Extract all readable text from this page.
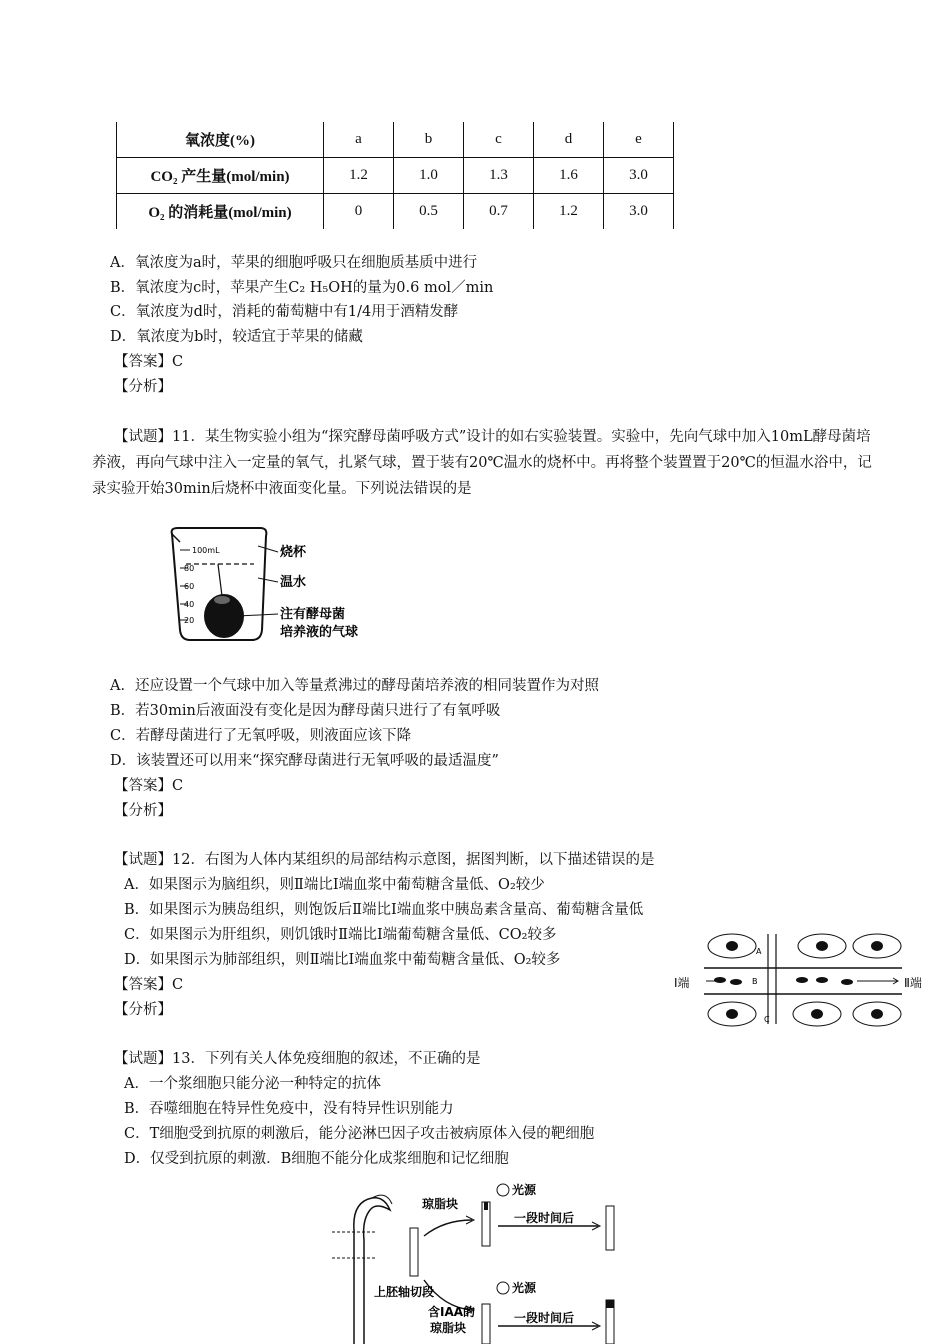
氧浓度(%)	a	b	c	d	e
CO₂ 产生量(mol/min)	1.2	1.0	1.3	1.6	3.0
O₂ 的消耗量(mol/min)	0	0.5	0.7	1.2	3.0
A．氧浓度为a时，苹果的细胞呼吸只在细胞质基质中进行
B．氧浓度为c时，苹果产生C₂ H₅OH的量为0.6 mol／min
C．氧浓度为d时，消耗的葡萄糖中有1/4用于酒精发酵
D．氧浓度为b时，较适宜于苹果的储藏
【答案】C
【分析】
【试题】11．某生物实验小组为“探究酵母菌呼吸方式”设计的如右实验装置。实验中，先向气球中加入10mL酵母菌培养液，再向气球中注入一定量的氧气，扎紧气球，置于装有20℃温水的烧杯中。再将整个装置置于20℃的恒温水浴中，记录实验开始30min后烧杯中液面变化量。下列说法错误的是
100mL
80
60
40
20
烧杯
温水
注有酵母菌
培养液的气球
A．还应设置一个气球中加入等量煮沸过的酵母菌培养液的相同装置作为对照
B．若30min后液面没有变化是因为酵母菌只进行了有氧呼吸
C．若酵母菌进行了无氧呼吸，则液面应该下降
D．该装置还可以用来“探究酵母菌进行无氧呼吸的最适温度”
【答案】C
【分析】
【试题】12．右图为人体内某组织的局部结构示意图，据图判断，以下描述错误的是
A．如果图示为脑组织，则Ⅱ端比Ⅰ端血浆中葡萄糖含量低、O₂较少
B．如果图示为胰岛组织，则饱饭后Ⅱ端比Ⅰ端血浆中胰岛素含量高、葡萄糖含量低
C．如果图示为肝组织，则饥饿时Ⅱ端比Ⅰ端葡萄糖含量低、CO₂较多
D．如果图示为肺部组织，则Ⅱ端比Ⅰ端血浆中葡萄糖含量低、O₂较多
【答案】C
【分析】
Ⅰ端	Ⅱ端
A
B
C
【试题】13．下列有关人体免疫细胞的叙述，不正确的是
A．一个浆细胞只能分泌一种特定的抗体
B．吞噬细胞在特异性免疫中，没有特异性识别能力
C．T细胞受到抗原的刺激后，能分泌淋巴因子攻击被病原体入侵的靶细胞
D．仅受到抗原的刺激．B细胞不能分化成浆细胞和记忆细胞
琼脂块
光源
一段时间后
上胚轴切段
含IAA的
琼脂块
光源
一段时间后
